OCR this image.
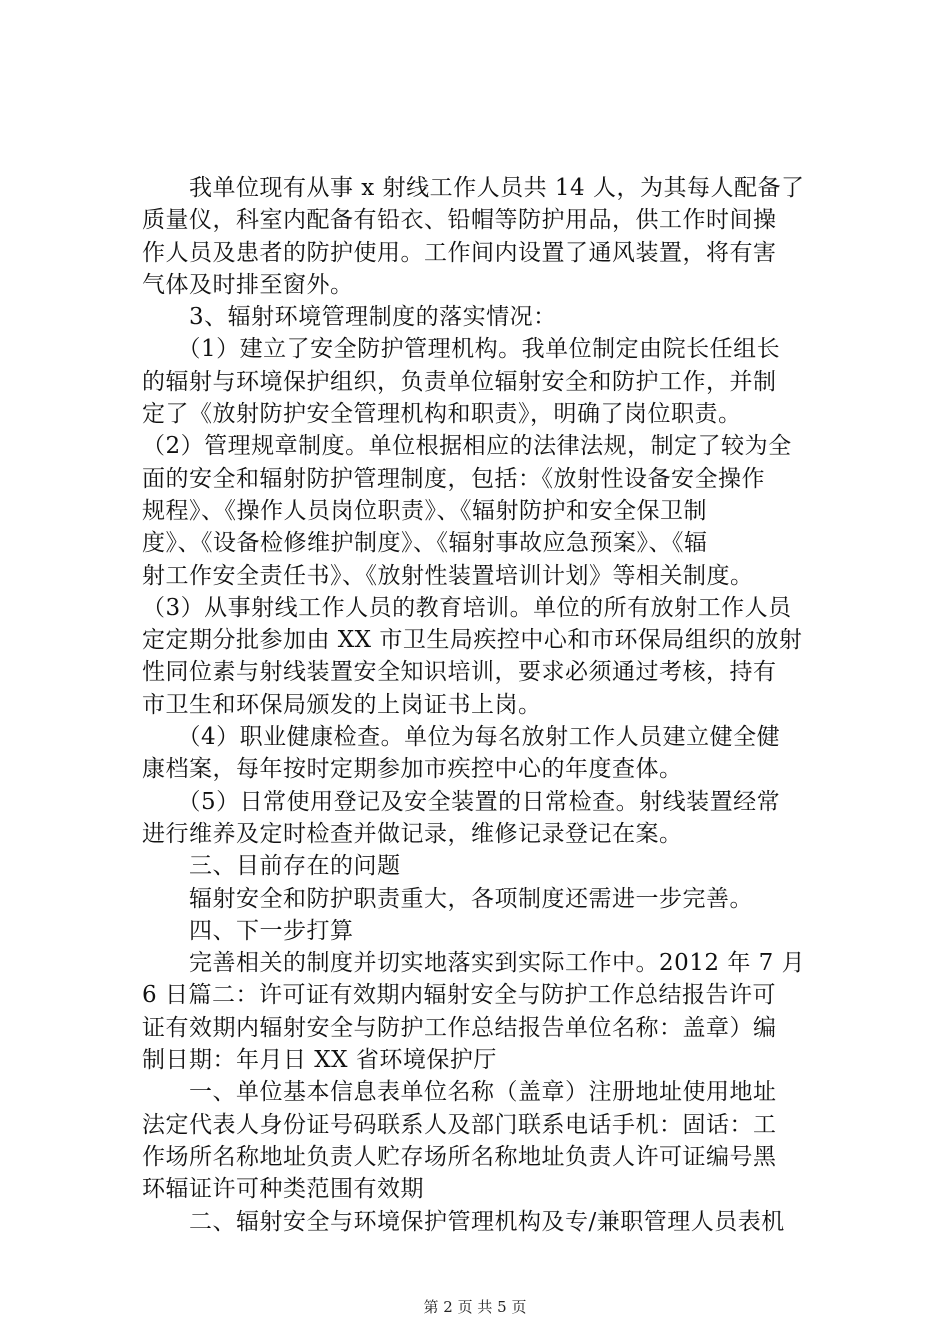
　　我单位现有从事 x 射线工作人员共 14 人，为其每人配备了
质量仪，科室内配备有铅衣、铅帽等防护用品，供工作时间操
作人员及患者的防护使用。工作间内设置了通风装置，将有害
气体及时排至窗外。
　　3、辐射环境管理制度的落实情况：
　　（1）建立了安全防护管理机构。我单位制定由院长任组长
的辐射与环境保护组织，负责单位辐射安全和防护工作，并制
定了《放射防护安全管理机构和职责》，明确了岗位职责。
（2）管理规章制度。单位根据相应的法律法规，制定了较为全
面的安全和辐射防护管理制度，包括：《放射性设备安全操作
规程》、《操作人员岗位职责》、《辐射防护和安全保卫制
度》、《设备检修维护制度》、《辐射事故应急预案》、《辐
射工作安全责任书》、《放射性装置培训计划》等相关制度。
（3）从事射线工作人员的教育培训。单位的所有放射工作人员
定定期分批参加由 XX 市卫生局疾控中心和市环保局组织的放射
性同位素与射线装置安全知识培训，要求必须通过考核，持有
市卫生和环保局颁发的上岗证书上岗。
　　（4）职业健康检查。单位为每名放射工作人员建立健全健
康档案，每年按时定期参加市疾控中心的年度查体。
　　（5）日常使用登记及安全装置的日常检查。射线装置经常
进行维养及定时检查并做记录，维修记录登记在案。
　　三、目前存在的问题
　　辐射安全和防护职责重大，各项制度还需进一步完善。
　　四、下一步打算
　　完善相关的制度并切实地落实到实际工作中。2012 年 7 月
6 日篇二：许可证有效期内辐射安全与防护工作总结报告许可
证有效期内辐射安全与防护工作总结报告单位名称：盖章）编
制日期：年月日 XX 省环境保护厅
　　一、单位基本信息表单位名称（盖章）注册地址使用地址
法定代表人身份证号码联系人及部门联系电话手机：固话：工
作场所名称地址负责人贮存场所名称地址负责人许可证编号黑
环辐证许可种类范围有效期
　　二、辐射安全与环境保护管理机构及专/兼职管理人员表机
第 2 页 共 5 页
